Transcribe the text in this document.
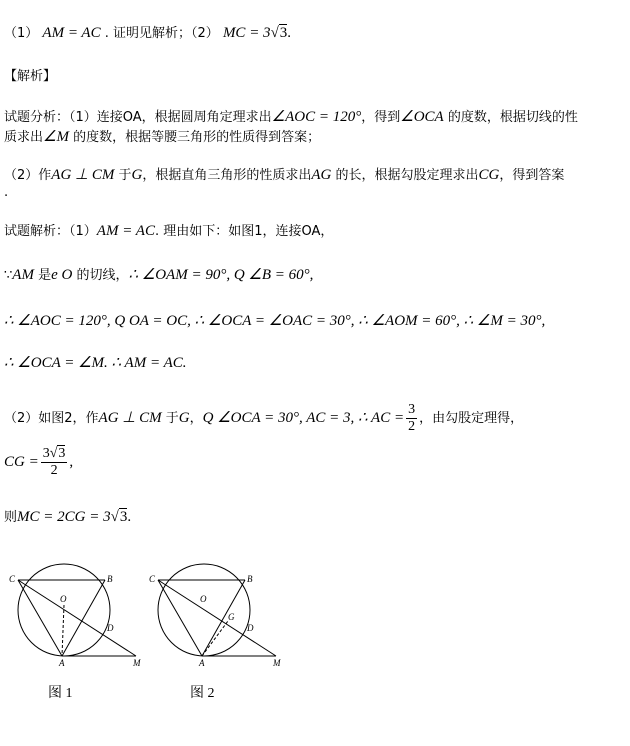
（1） AM = AC . 证明见解析；（2） MC = 3√3.
【解析】
试题分析：（1）连接OA，根据圆周角定理求出∠AOC = 120°，得到∠OCA 的度数，根据切线的性
质求出∠M 的度数，根据等腰三角形的性质得到答案；
（2）作AG ⊥ CM 于G，根据直角三角形的性质求出AG 的长，根据勾股定理求出CG，得到答案
.
试题解析：（1）AM = AC. 理由如下：如图1，连接OA，
∵AM 是e O 的切线，∴ ∠OAM = 90°, Q ∠B = 60°,
∴ ∠AOC = 120°, Q OA = OC, ∴ ∠OCA = ∠OAC = 30°, ∴ ∠AOM = 60°, ∴ ∠M = 30°,
∴ ∠OCA = ∠M. ∴ AM = AC.
（2）如图2，作AG ⊥ CM 于G，Q ∠OCA = 30°, AC = 3, ∴ AC = $\frac{3}{2}$ ，由勾股定理得，
CG = $\frac{3√3}{2}$ ,
则MC = 2CG = 3√3.
C	B
O
D
A	M
图 1
C	B
O
G
D
A	M
图 2
